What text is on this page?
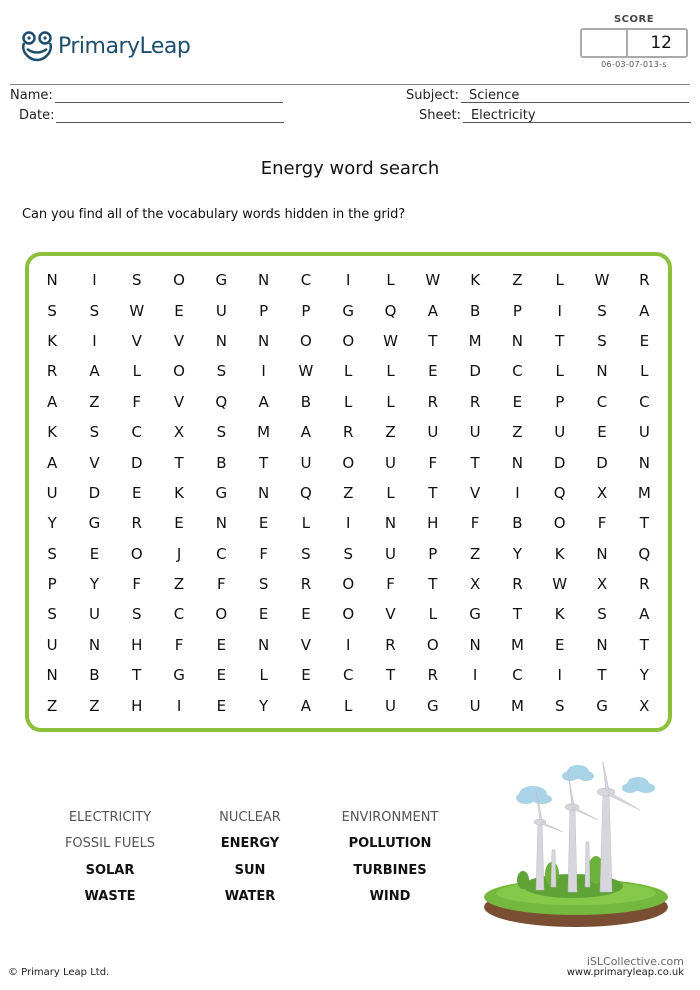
PrimaryLeap
SCORE
12
06-03-07-013-s
Name:
Date:
Subject: Science
Sheet: Electricity
Energy word search
Can you find all of the vocabulary words hidden in the grid?
N	I	S	O	G	N	C	I	L	W	K	Z	L	W	R
S	S	W	E	U	P	P	G	Q	A	B	P	I	S	A
K	I	V	V	N	N	O	O	W	T	M	N	T	S	E
R	A	L	O	S	I	W	L	L	E	D	C	L	N	L
A	Z	F	V	Q	A	B	L	L	R	R	E	P	C	C
K	S	C	X	S	M	A	R	Z	U	U	Z	U	E	U
A	V	D	T	B	T	U	O	U	F	T	N	D	D	N
U	D	E	K	G	N	Q	Z	L	T	V	I	Q	X	M
Y	G	R	E	N	E	L	I	N	H	F	B	O	F	T
S	E	O	J	C	F	S	S	U	P	Z	Y	K	N	Q
P	Y	F	Z	F	S	R	O	F	T	X	R	W	X	R
S	U	S	C	O	E	E	O	V	L	G	T	K	S	A
U	N	H	F	E	N	V	I	R	O	N	M	E	N	T
N	B	T	G	E	L	E	C	T	R	I	C	I	T	Y
Z	Z	H	I	E	Y	A	L	U	G	U	M	S	G	X
ELECTRICITY	NUCLEAR	ENVIRONMENT
FOSSIL FUELS	ENERGY	POLLUTION
SOLAR	SUN	TURBINES
WASTE	WATER	WIND
© Primary Leap Ltd.
iSLCollective.com
www.primaryleap.co.uk
